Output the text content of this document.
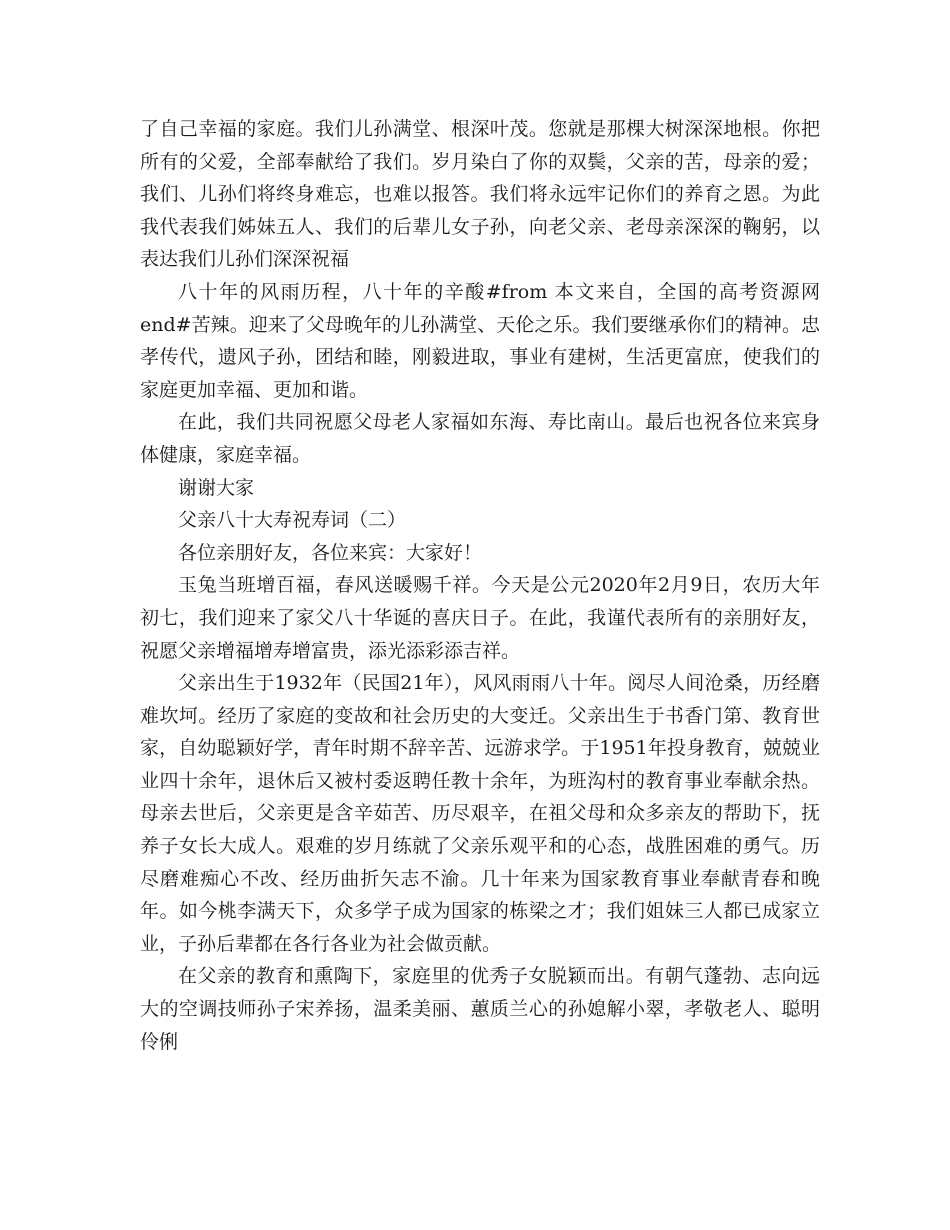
了自己幸福的家庭。我们儿孙满堂、根深叶茂。您就是那棵大树深深地根。你把所有的父爱，全部奉献给了我们。岁月染白了你的双鬓，父亲的苦，母亲的爱；我们、儿孙们将终身难忘，也难以报答。我们将永远牢记你们的养育之恩。为此我代表我们姊妹五人、我们的后辈儿女子孙，向老父亲、老母亲深深的鞠躬，以表达我们儿孙们深深祝福

八十年的风雨历程，八十年的辛酸#from 本文来自，全国的高考资源网 end#苦辣。迎来了父母晚年的儿孙满堂、天伦之乐。我们要继承你们的精神。忠孝传代，遗风子孙，团结和睦，刚毅进取，事业有建树，生活更富庶，使我们的家庭更加幸福、更加和谐。

在此，我们共同祝愿父母老人家福如东海、寿比南山。最后也祝各位来宾身体健康，家庭幸福。

谢谢大家

父亲八十大寿祝寿词（二）

各位亲朋好友，各位来宾：大家好！

玉兔当班增百福，春风送暖赐千祥。今天是公元2020年2月9日，农历大年初七，我们迎来了家父八十华诞的喜庆日子。在此，我谨代表所有的亲朋好友，祝愿父亲增福增寿增富贵，添光添彩添吉祥。

父亲出生于1932年（民国21年），风风雨雨八十年。阅尽人间沧桑，历经磨难坎坷。经历了家庭的变故和社会历史的大变迁。父亲出生于书香门第、教育世家，自幼聪颖好学，青年时期不辞辛苦、远游求学。于1951年投身教育，兢兢业业四十余年，退休后又被村委返聘任教十余年，为班沟村的教育事业奉献余热。母亲去世后，父亲更是含辛茹苦、历尽艰辛，在祖父母和众多亲友的帮助下，抚养子女长大成人。艰难的岁月练就了父亲乐观平和的心态，战胜困难的勇气。历尽磨难痴心不改、经历曲折矢志不渝。几十年来为国家教育事业奉献青春和晚年。如今桃李满天下，众多学子成为国家的栋梁之才；我们姐妹三人都已成家立业，子孙后辈都在各行各业为社会做贡献。

在父亲的教育和熏陶下，家庭里的优秀子女脱颖而出。有朝气蓬勃、志向远大的空调技师孙子宋养扬，温柔美丽、蕙质兰心的孙媳解小翠，孝敬老人、聪明伶俐
